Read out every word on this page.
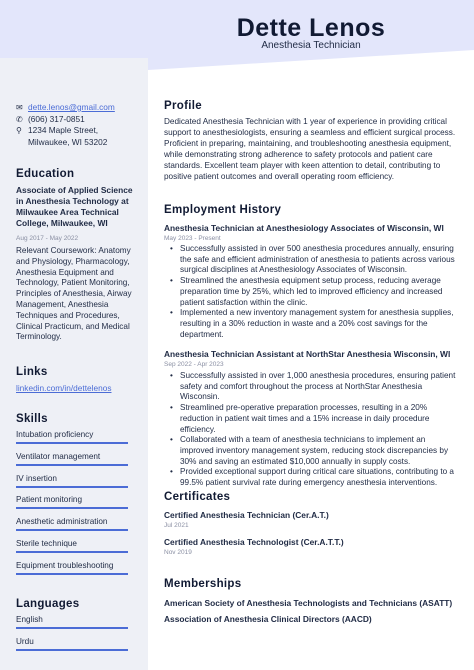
Dette Lenos
Anesthesia Technician
✉ dette.lenos@gmail.com
✆ (606) 317-0851
⚲ 1234 Maple Street,
Milwaukee, WI 53202
Education
Associate of Applied Science in Anesthesia Technology at Milwaukee Area Technical College, Milwaukee, WI
Aug 2017 - May 2022
Relevant Coursework: Anatomy and Physiology, Pharmacology, Anesthesia Equipment and Technology, Patient Monitoring, Principles of Anesthesia, Airway Management, Anesthesia Techniques and Procedures, Clinical Practicum, and Medical Terminology.
Links
linkedin.com/in/dettelenos
Skills
Intubation proficiency
Ventilator management
IV insertion
Patient monitoring
Anesthetic administration
Sterile technique
Equipment troubleshooting
Languages
English
Urdu
Profile
Dedicated Anesthesia Technician with 1 year of experience in providing critical support to anesthesiologists, ensuring a seamless and efficient surgical process. Proficient in preparing, maintaining, and troubleshooting anesthesia equipment, while demonstrating strong adherence to safety protocols and patient care standards. Excellent team player with keen attention to detail, contributing to positive patient outcomes and overall operating room efficiency.
Employment History
Anesthesia Technician at Anesthesiology Associates of Wisconsin, WI
May 2023 - Present
• Successfully assisted in over 500 anesthesia procedures annually, ensuring the safe and efficient administration of anesthesia to patients across various surgical disciplines at Anesthesiology Associates of Wisconsin.
• Streamlined the anesthesia equipment setup process, reducing average preparation time by 25%, which led to improved efficiency and increased patient satisfaction within the clinic.
• Implemented a new inventory management system for anesthesia supplies, resulting in a 30% reduction in waste and a 20% cost savings for the department.
Anesthesia Technician Assistant at NorthStar Anesthesia Wisconsin, WI
Sep 2022 - Apr 2023
• Successfully assisted in over 1,000 anesthesia procedures, ensuring patient safety and comfort throughout the process at NorthStar Anesthesia Wisconsin.
• Streamlined pre-operative preparation processes, resulting in a 20% reduction in patient wait times and a 15% increase in daily procedure efficiency.
• Collaborated with a team of anesthesia technicians to implement an improved inventory management system, reducing stock discrepancies by 30% and saving an estimated $10,000 annually in supply costs.
• Provided exceptional support during critical care situations, contributing to a 99.5% patient survival rate during emergency anesthesia interventions.
Certificates
Certified Anesthesia Technician (Cer.A.T.)
Jul 2021
Certified Anesthesia Technologist (Cer.A.T.T.)
Nov 2019
Memberships
American Society of Anesthesia Technologists and Technicians (ASATT)
Association of Anesthesia Clinical Directors (AACD)
